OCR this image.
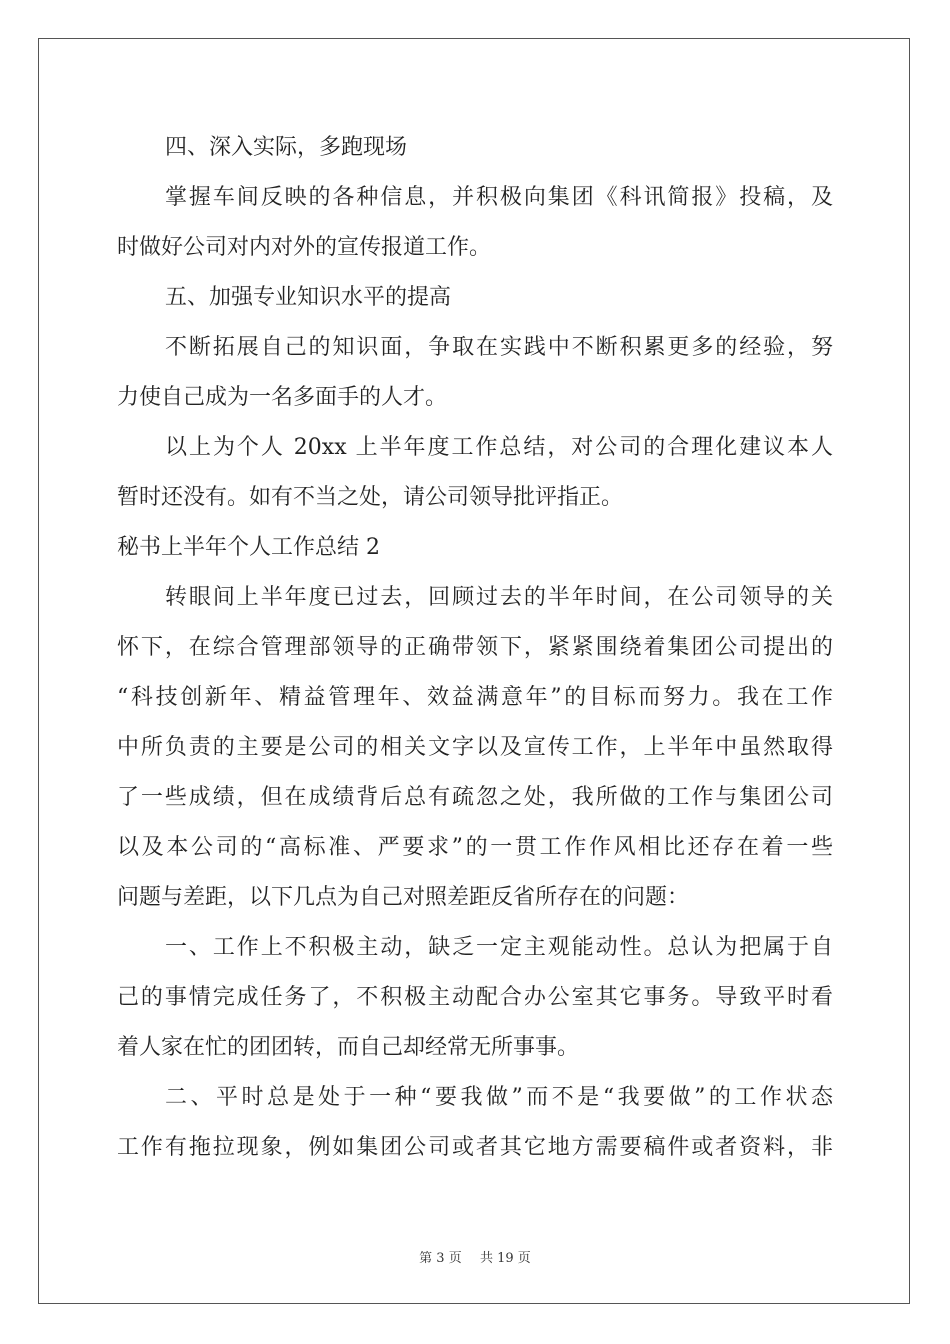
四、深入实际，多跑现场
掌握车间反映的各种信息，并积极向集团《科讯简报》投稿，及
时做好公司对内对外的宣传报道工作。
五、加强专业知识水平的提高
不断拓展自己的知识面，争取在实践中不断积累更多的经验，努
力使自己成为一名多面手的人才。
以上为个人 20xx 上半年度工作总结，对公司的合理化建议本人
暂时还没有。如有不当之处，请公司领导批评指正。
秘书上半年个人工作总结 2
转眼间上半年度已过去，回顾过去的半年时间，在公司领导的关
怀下，在综合管理部领导的正确带领下，紧紧围绕着集团公司提出的
“科技创新年、精益管理年、效益满意年”的目标而努力。我在工作
中所负责的主要是公司的相关文字以及宣传工作，上半年中虽然取得
了一些成绩，但在成绩背后总有疏忽之处，我所做的工作与集团公司
以及本公司的“高标准、严要求”的一贯工作作风相比还存在着一些
问题与差距，以下几点为自己对照差距反省所存在的问题：
一、工作上不积极主动，缺乏一定主观能动性。总认为把属于自
己的事情完成任务了，不积极主动配合办公室其它事务。导致平时看
着人家在忙的团团转，而自己却经常无所事事。
二、平时总是处于一种“要我做”而不是“我要做”的工作状态
工作有拖拉现象，例如集团公司或者其它地方需要稿件或者资料，非
第 3 页 共 19 页
